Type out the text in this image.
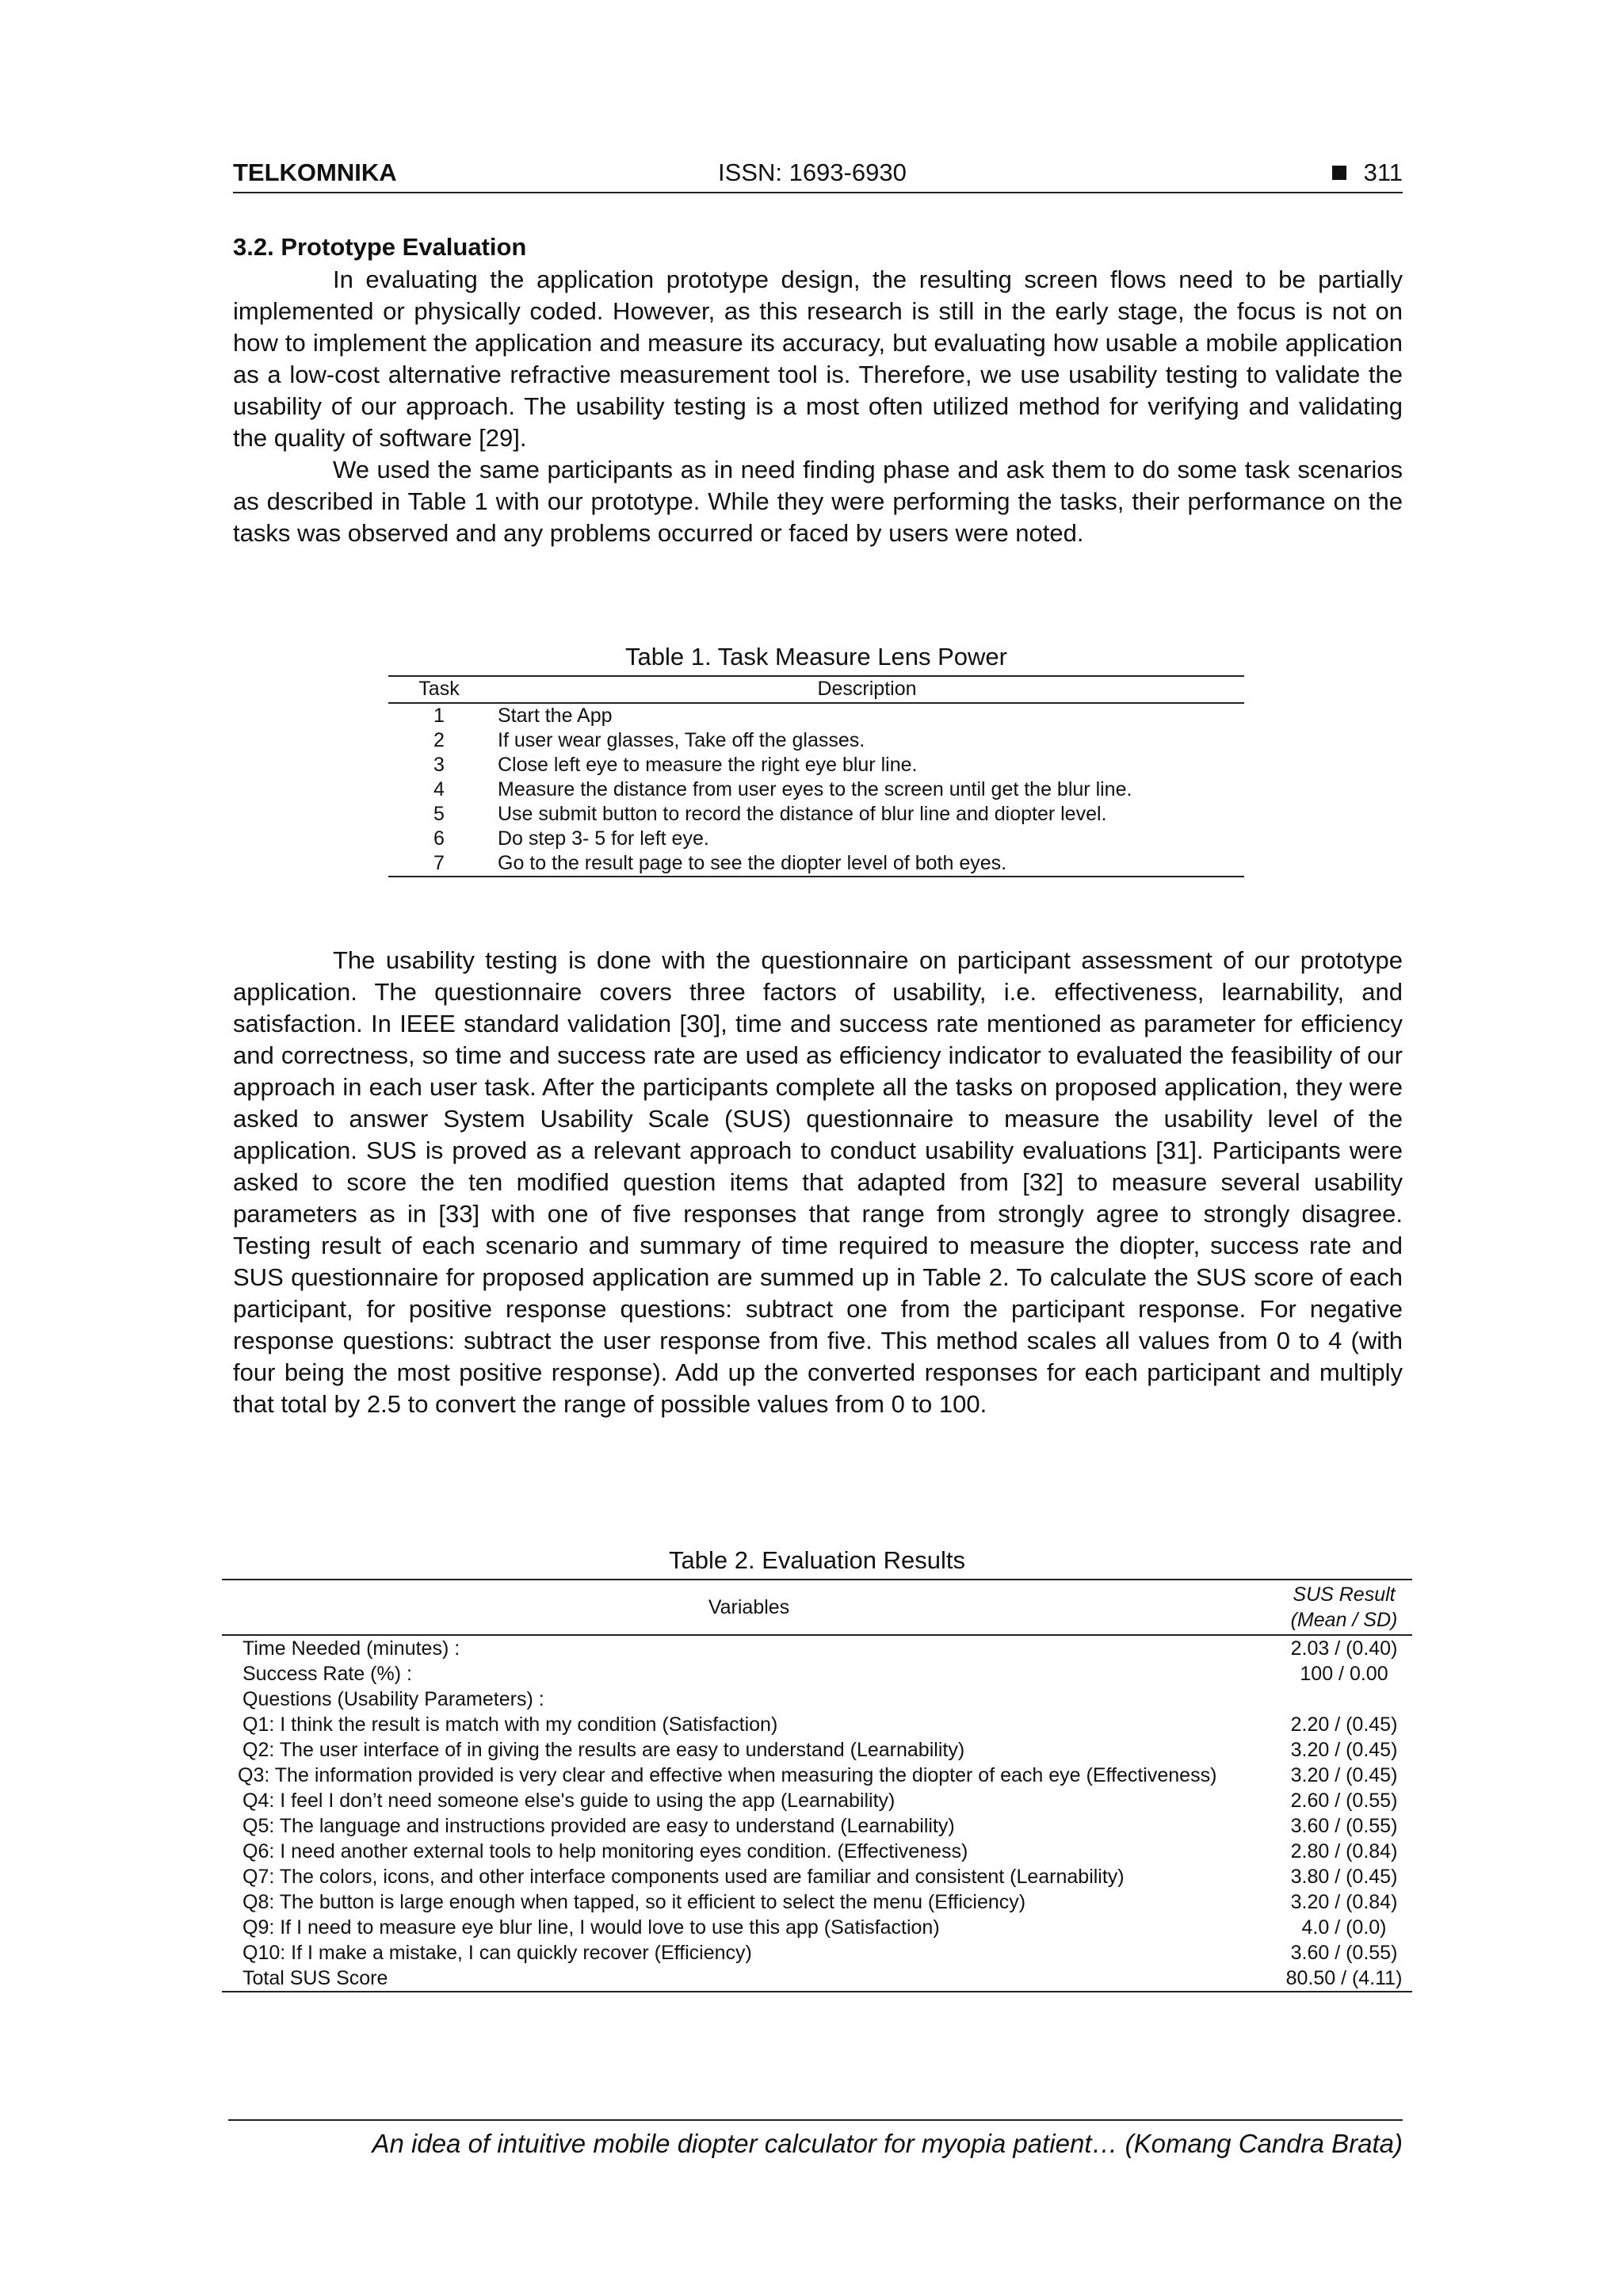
TELKOMNIKA	ISSN: 1693-6930	311
3.2. Prototype Evaluation

In evaluating the application prototype design, the resulting screen flows need to be partially implemented or physically coded. However, as this research is still in the early stage, the focus is not on how to implement the application and measure its accuracy, but evaluating how usable a mobile application as a low-cost alternative refractive measurement tool is. Therefore, we use usability testing to validate the usability of our approach. The usability testing is a most often utilized method for verifying and validating the quality of software [29].

We used the same participants as in need finding phase and ask them to do some task scenarios as described in Table 1 with our prototype. While they were performing the tasks, their performance on the tasks was observed and any problems occurred or faced by users were noted.

Table 1. Task Measure Lens Power
Task	Description
1	Start the App
2	If user wear glasses, Take off the glasses.
3	Close left eye to measure the right eye blur line.
4	Measure the distance from user eyes to the screen until get the blur line.
5	Use submit button to record the distance of blur line and diopter level.
6	Do step 3- 5 for left eye.
7	Go to the result page to see the diopter level of both eyes.

The usability testing is done with the questionnaire on participant assessment of our prototype application. The questionnaire covers three factors of usability, i.e. effectiveness, learnability, and satisfaction. In IEEE standard validation [30], time and success rate mentioned as parameter for efficiency and correctness, so time and success rate are used as efficiency indicator to evaluated the feasibility of our approach in each user task. After the participants complete all the tasks on proposed application, they were asked to answer System Usability Scale (SUS) questionnaire to measure the usability level of the application. SUS is proved as a relevant approach to conduct usability evaluations [31]. Participants were asked to score the ten modified question items that adapted from [32] to measure several usability parameters as in [33] with one of five responses that range from strongly agree to strongly disagree. Testing result of each scenario and summary of time required to measure the diopter, success rate and SUS questionnaire for proposed application are summed up in Table 2. To calculate the SUS score of each participant, for positive response questions: subtract one from the participant response. For negative response questions: subtract the user response from five. This method scales all values from 0 to 4 (with four being the most positive response). Add up the converted responses for each participant and multiply that total by 2.5 to convert the range of possible values from 0 to 100.

Table 2. Evaluation Results
Variables	SUS Result
(Mean / SD)
Time Needed (minutes) :	2.03 / (0.40)
Success Rate (%) :	100 / 0.00
Questions (Usability Parameters) :	
Q1: I think the result is match with my condition (Satisfaction)	2.20 / (0.45)
Q2: The user interface of in giving the results are easy to understand (Learnability)	3.20 / (0.45)
Q3: The information provided is very clear and effective when measuring the diopter of each eye (Effectiveness)	3.20 / (0.45)
Q4: I feel I don’t need someone else's guide to using the app (Learnability)	2.60 / (0.55)
Q5: The language and instructions provided are easy to understand (Learnability)	3.60 / (0.55)
Q6: I need another external tools to help monitoring eyes condition. (Effectiveness)	2.80 / (0.84)
Q7: The colors, icons, and other interface components used are familiar and consistent (Learnability)	3.80 / (0.45)
Q8: The button is large enough when tapped, so it efficient to select the menu (Efficiency)	3.20 / (0.84)
Q9: If I need to measure eye blur line, I would love to use this app (Satisfaction)	4.0 / (0.0)
Q10: If I make a mistake, I can quickly recover (Efficiency)	3.60 / (0.55)
Total SUS Score	80.50 / (4.11)
An idea of intuitive mobile diopter calculator for myopia patient… (Komang Candra Brata)
